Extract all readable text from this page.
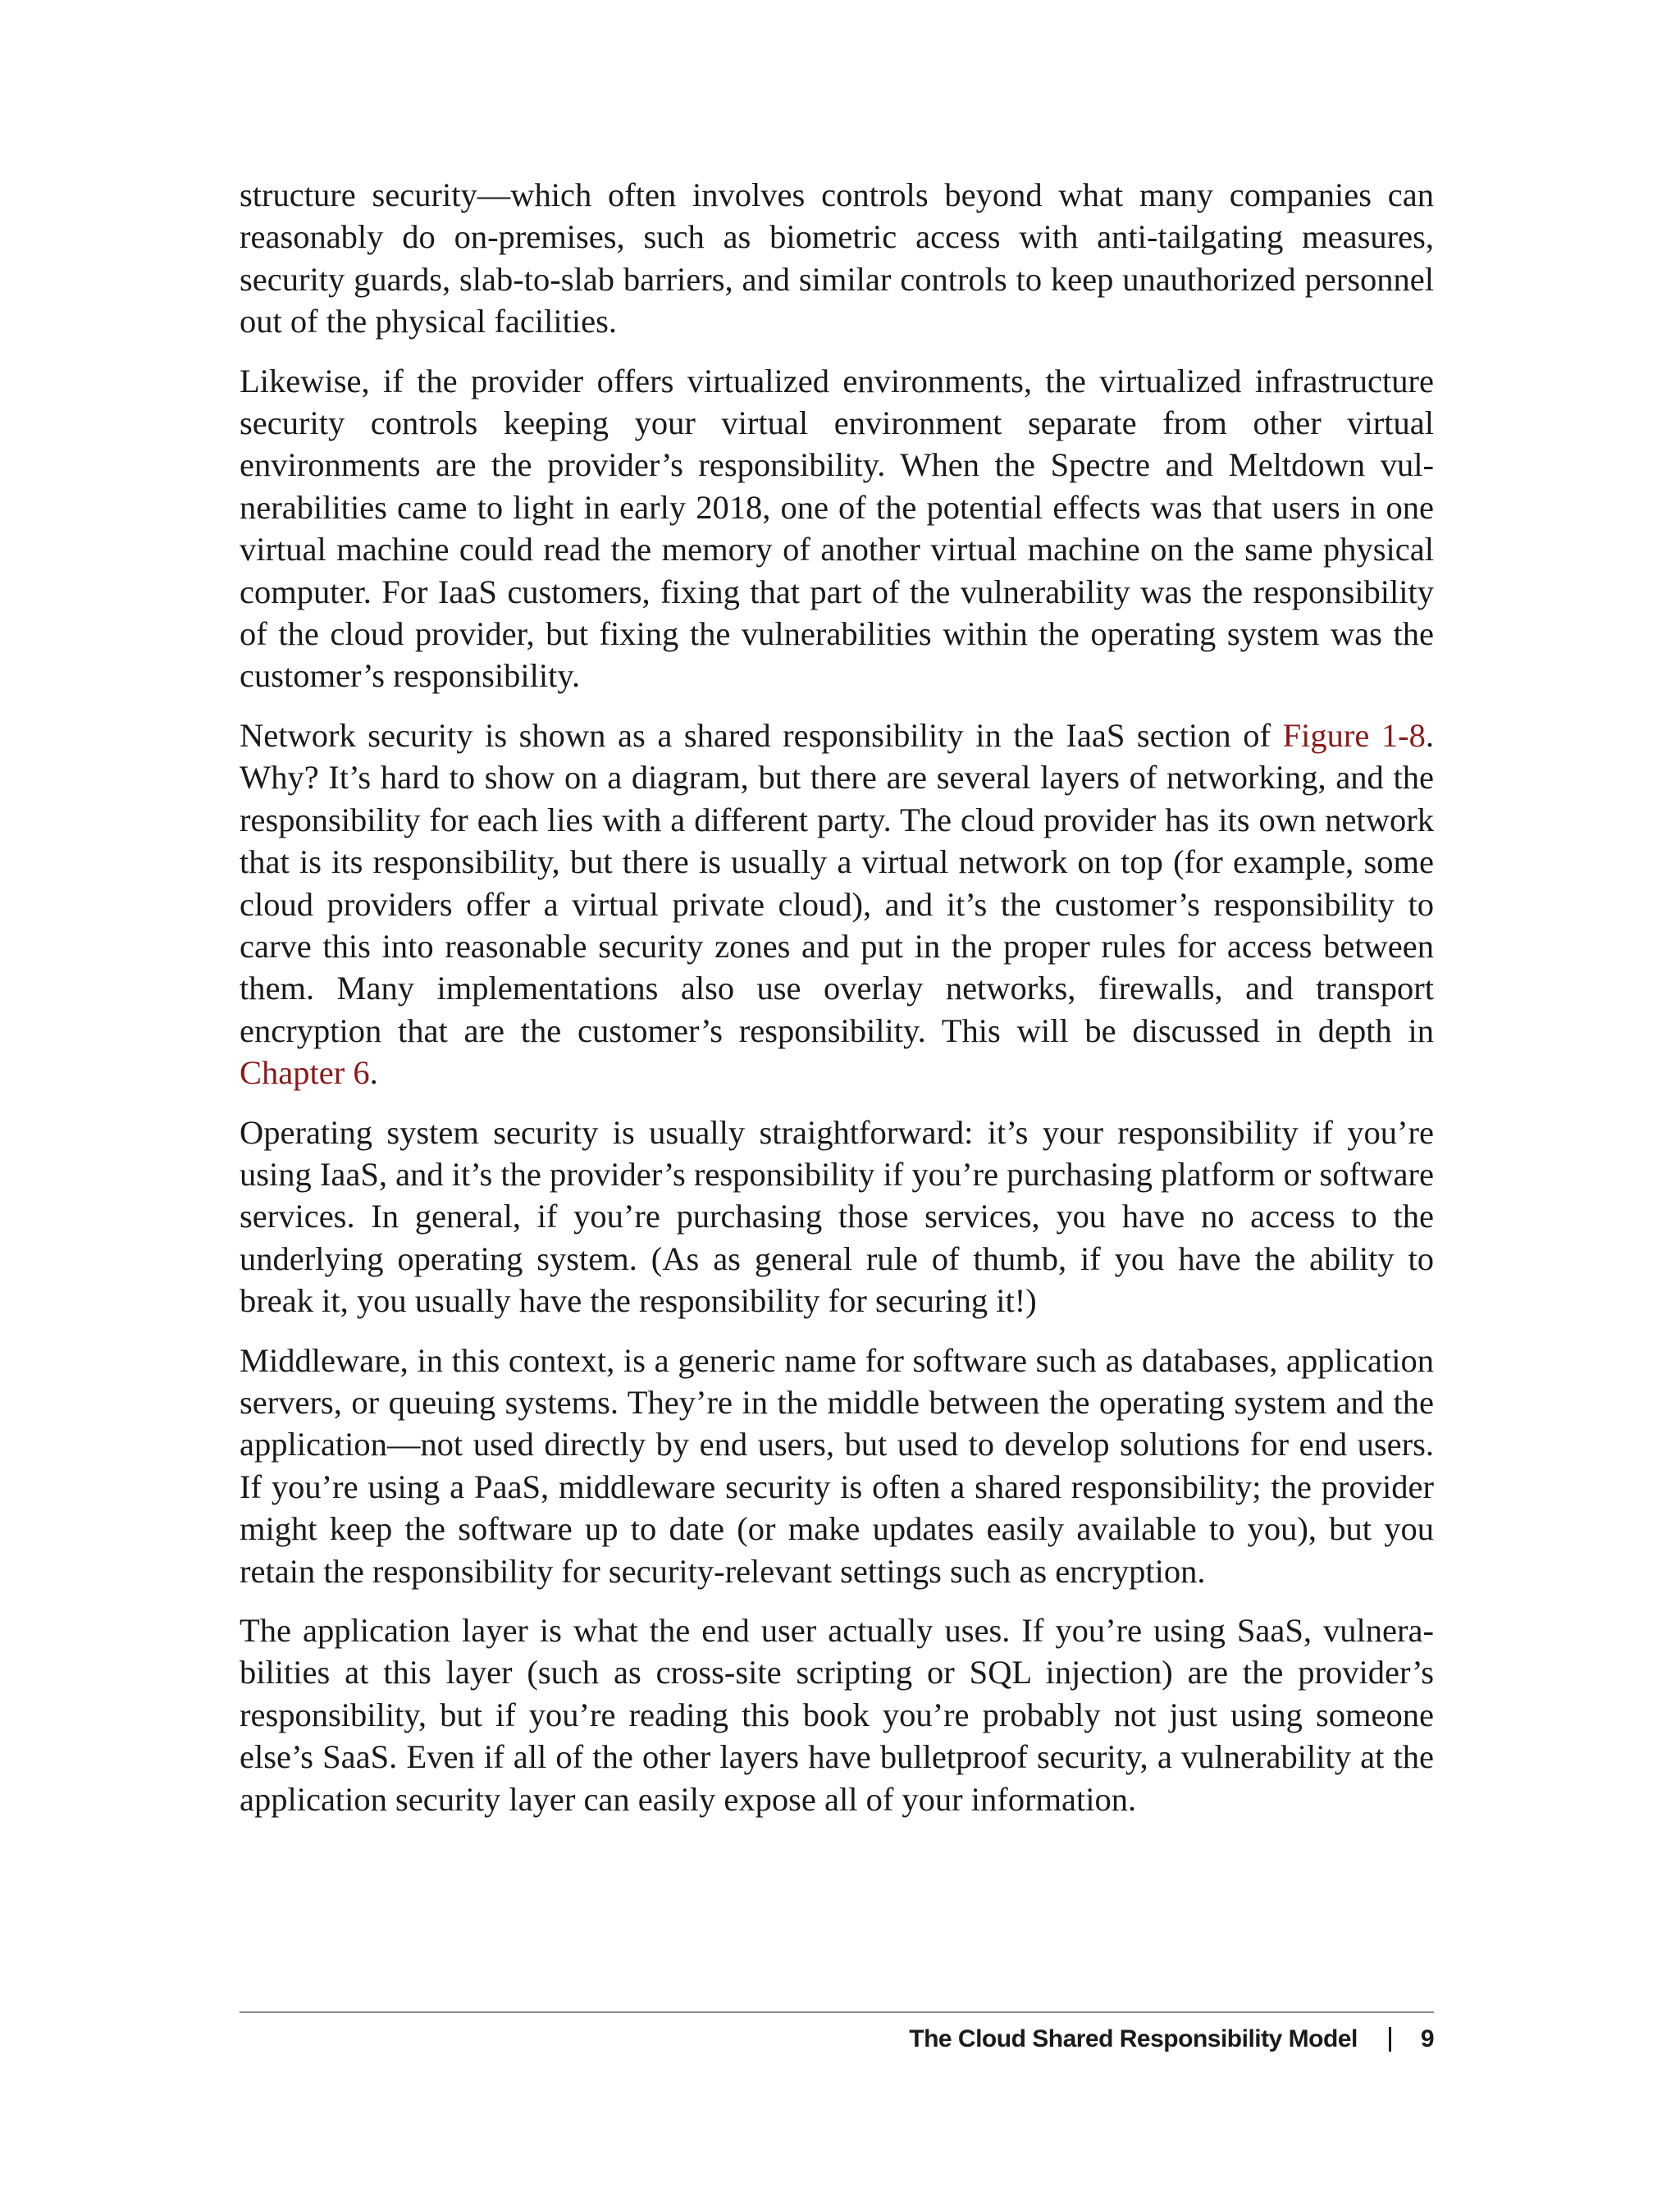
structure security—which often involves controls beyond what many companies can reasonably do on-premises, such as biometric access with anti-tailgating measures, security guards, slab-to-slab barriers, and similar controls to keep unauthorized personnel out of the physical facilities.

Likewise, if the provider offers virtualized environments, the virtualized infrastructure security controls keeping your virtual environment separate from other virtual environments are the provider’s responsibility. When the Spectre and Meltdown vulnerabilities came to light in early 2018, one of the potential effects was that users in one virtual machine could read the memory of another virtual machine on the same physical computer. For IaaS customers, fixing that part of the vulnerability was the responsibility of the cloud provider, but fixing the vulnerabilities within the operating system was the customer’s responsibility.

Network security is shown as a shared responsibility in the IaaS section of Figure 1-8. Why? It’s hard to show on a diagram, but there are several layers of networking, and the responsibility for each lies with a different party. The cloud provider has its own network that is its responsibility, but there is usually a virtual network on top (for example, some cloud providers offer a virtual private cloud), and it’s the customer’s responsibility to carve this into reasonable security zones and put in the proper rules for access between them. Many implementations also use overlay networks, firewalls, and transport encryption that are the customer’s responsibility. This will be discussed in depth in Chapter 6.

Operating system security is usually straightforward: it’s your responsibility if you’re using IaaS, and it’s the provider’s responsibility if you’re purchasing platform or software services. In general, if you’re purchasing those services, you have no access to the underlying operating system. (As as general rule of thumb, if you have the ability to break it, you usually have the responsibility for securing it!)

Middleware, in this context, is a generic name for software such as databases, application servers, or queuing systems. They’re in the middle between the operating system and the application—not used directly by end users, but used to develop solutions for end users. If you’re using a PaaS, middleware security is often a shared responsibility; the provider might keep the software up to date (or make updates easily available to you), but you retain the responsibility for security-relevant settings such as encryption.

The application layer is what the end user actually uses. If you’re using SaaS, vulnerabilities at this layer (such as cross-site scripting or SQL injection) are the provider’s responsibility, but if you’re reading this book you’re probably not just using someone else’s SaaS. Even if all of the other layers have bulletproof security, a vulnerability at the application security layer can easily expose all of your information.

The Cloud Shared Responsibility Model	9
